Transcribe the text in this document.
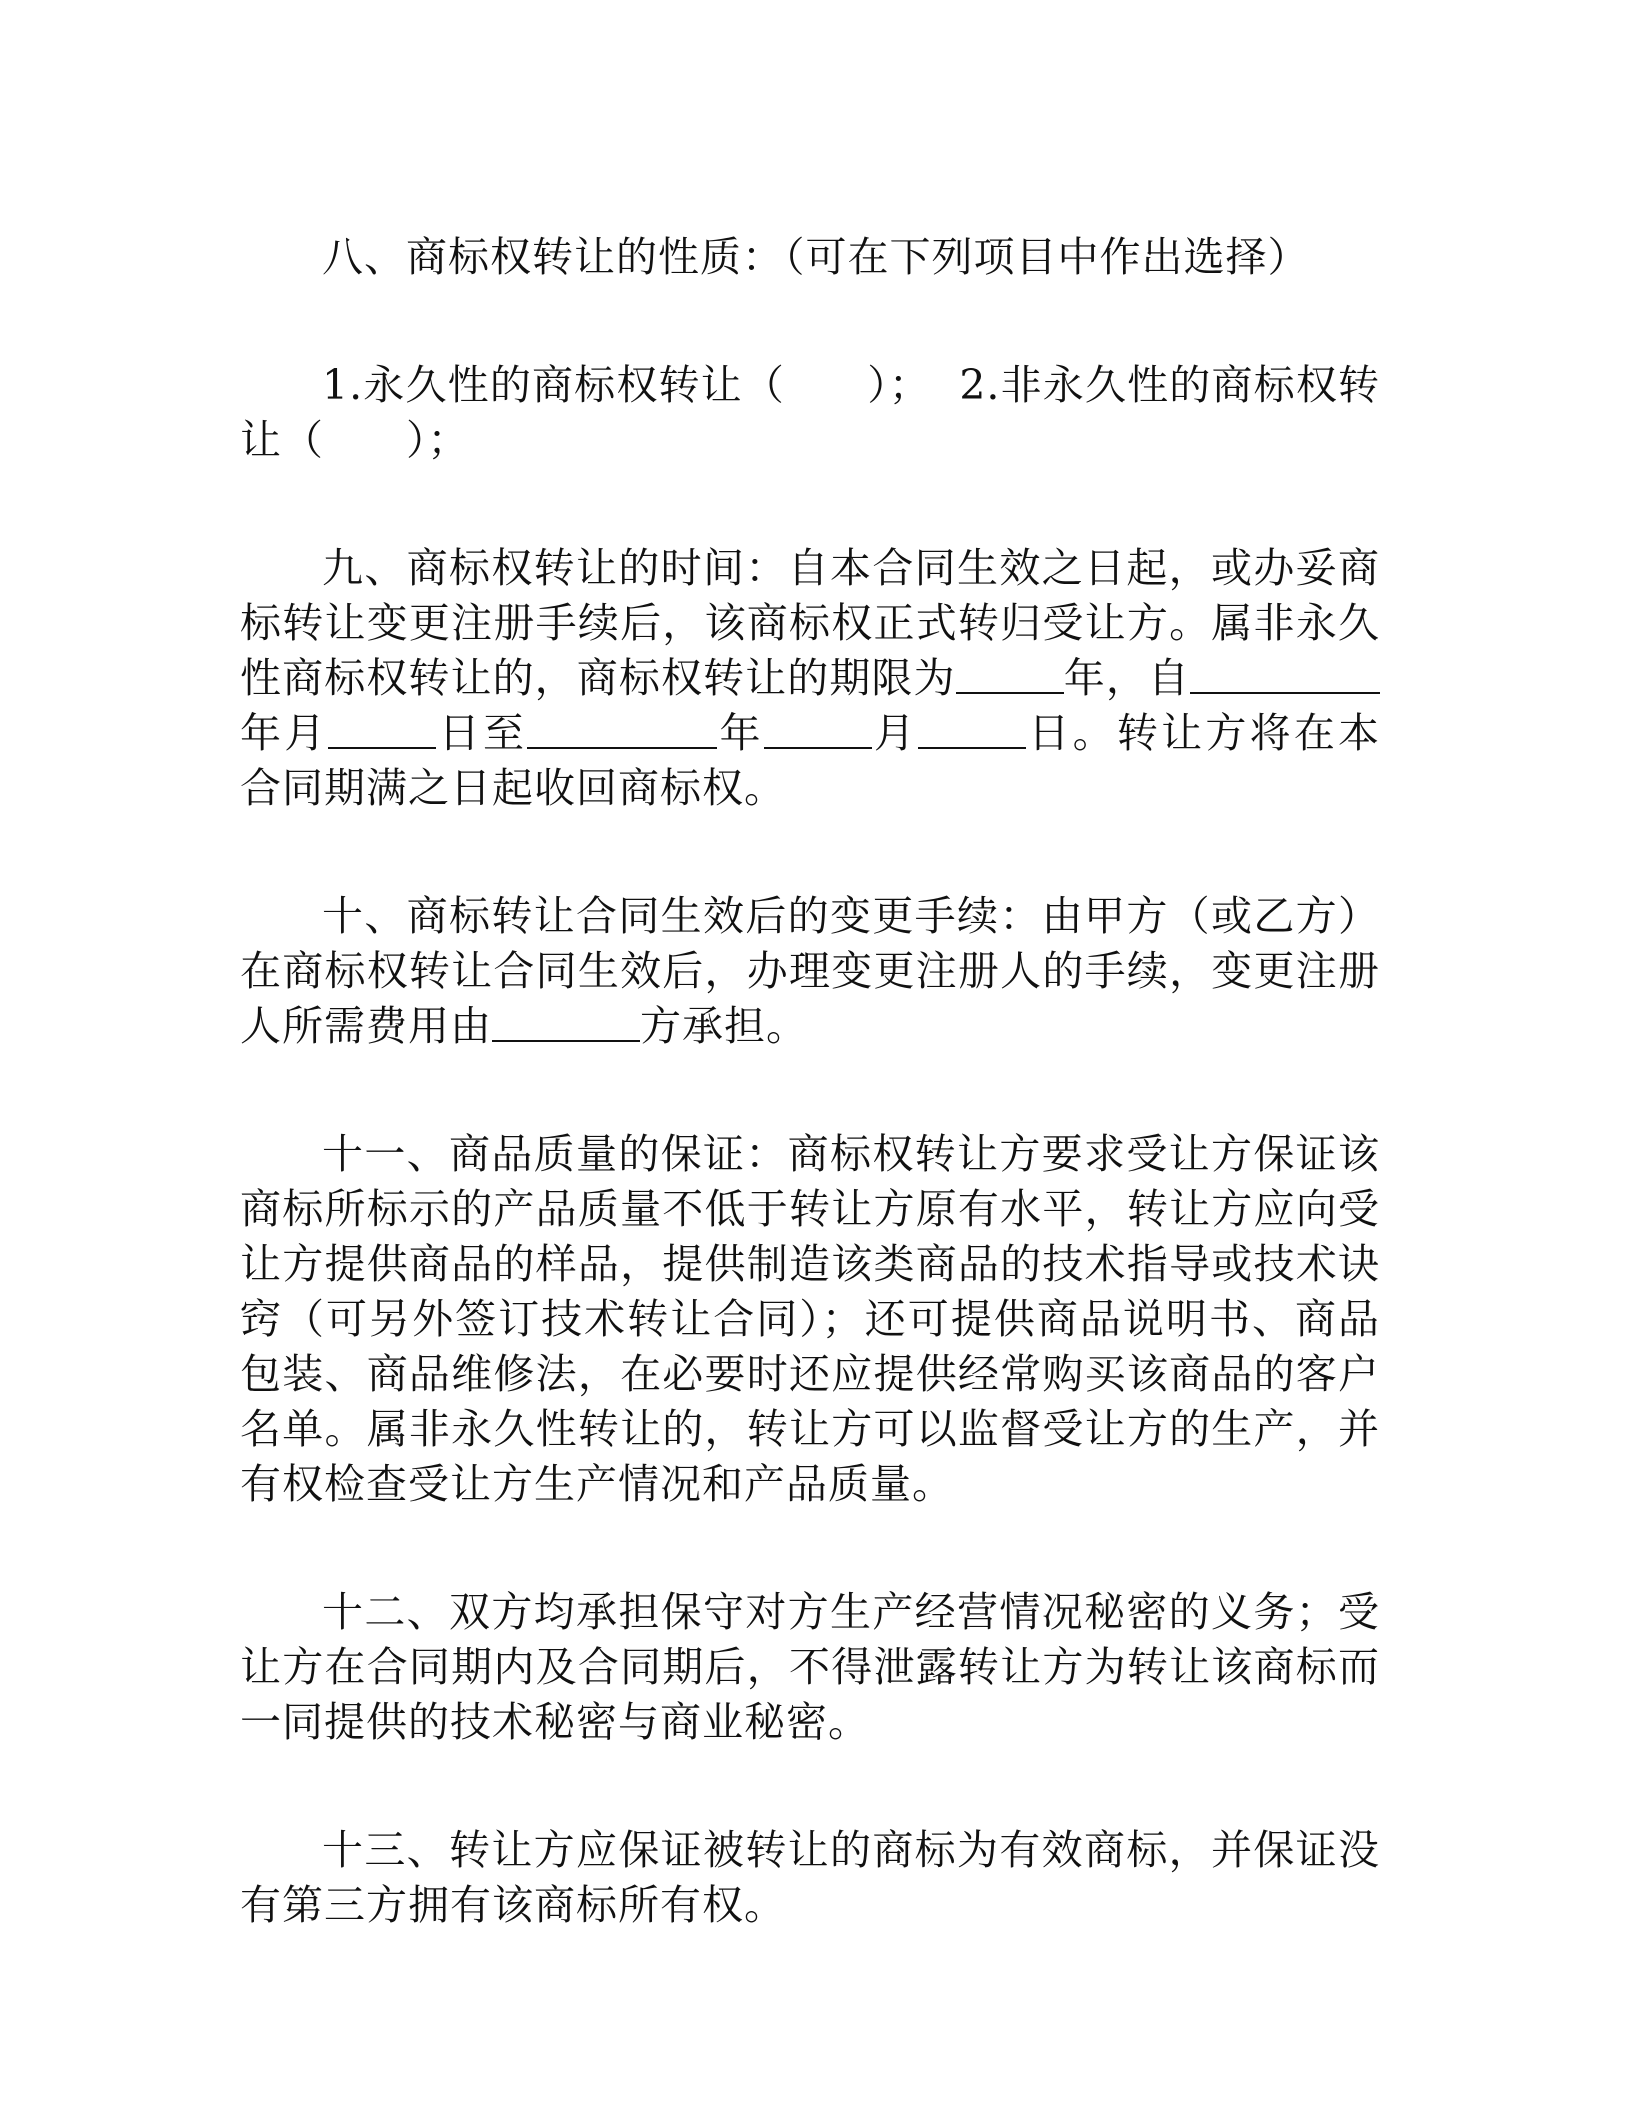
八、商标权转让的性质：（可在下列项目中作出选择）

1.永久性的商标权转让（ ）； 2.非永久性的商标权转让（ ）；

九、商标权转让的时间：自本合同生效之日起，或办妥商标转让变更注册手续后，该商标权正式转归受让方。属非永久性商标权转让的，商标权转让的期限为	年，自年月	日至	年	月	日。转让方将在本合同期满之日起收回商标权。

十、商标转让合同生效后的变更手续：由甲方（或乙方）在商标权转让合同生效后，办理变更注册人的手续，变更注册人所需费用由	方承担。

十一、商品质量的保证：商标权转让方要求受让方保证该商标所标示的产品质量不低于转让方原有水平，转让方应向受让方提供商品的样品，提供制造该类商品的技术指导或技术诀窍（可另外签订技术转让合同）；还可提供商品说明书、商品包装、商品维修法，在必要时还应提供经常购买该商品的客户名单。属非永久性转让的，转让方可以监督受让方的生产，并有权检查受让方生产情况和产品质量。

十二、双方均承担保守对方生产经营情况秘密的义务；受让方在合同期内及合同期后，不得泄露转让方为转让该商标而一同提供的技术秘密与商业秘密。

十三、转让方应保证被转让的商标为有效商标，并保证没有第三方拥有该商标所有权。
